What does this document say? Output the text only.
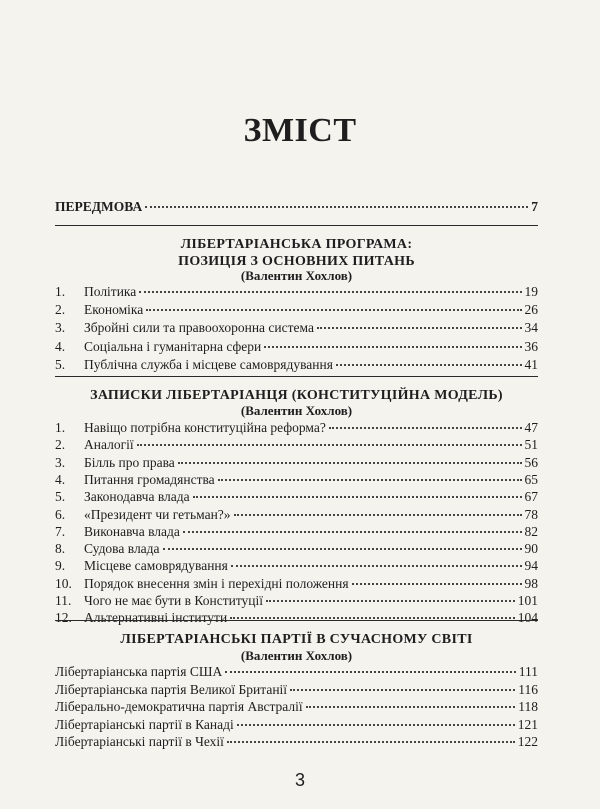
ЗМІСТ
ПЕРЕДМОВА	7
ЛІБЕРТАРІАНСЬКА ПРОГРАМА:
ПОЗИЦІЯ З ОСНОВНИХ ПИТАНЬ
(Валентин Хохлов)
1.	Політика	19
2.	Економіка	26
3.	Збройні сили та правоохоронна система	34
4.	Соціальна і гуманітарна сфери	36
5.	Публічна служба і місцеве самоврядування	41
ЗАПИСКИ ЛІБЕРТАРІАНЦЯ (КОНСТИТУЦІЙНА МОДЕЛЬ)
(Валентин Хохлов)
1.	Навіщо потрібна конституційна реформа?	47
2.	Аналогії	51
3.	Білль про права	56
4.	Питання громадянства	65
5.	Законодавча влада	67
6.	«Президент чи гетьман?»	78
7.	Виконавча влада	82
8.	Судова влада	90
9.	Місцеве самоврядування	94
10. Порядок внесення змін і перехідні положення	98
11. Чого не має бути в Конституції	101
12. Альтернативні інститути	104
ЛІБЕРТАРІАНСЬКІ ПАРТІЇ В СУЧАСНОМУ СВІТІ
(Валентин Хохлов)
Лібертаріанська партія США	111
Лібертаріанська партія Великої Британії	116
Ліберально-демократична партія Австралії	118
Лібертаріанські партії в Канаді	121
Лібертаріанські партії в Чехії	122
3
